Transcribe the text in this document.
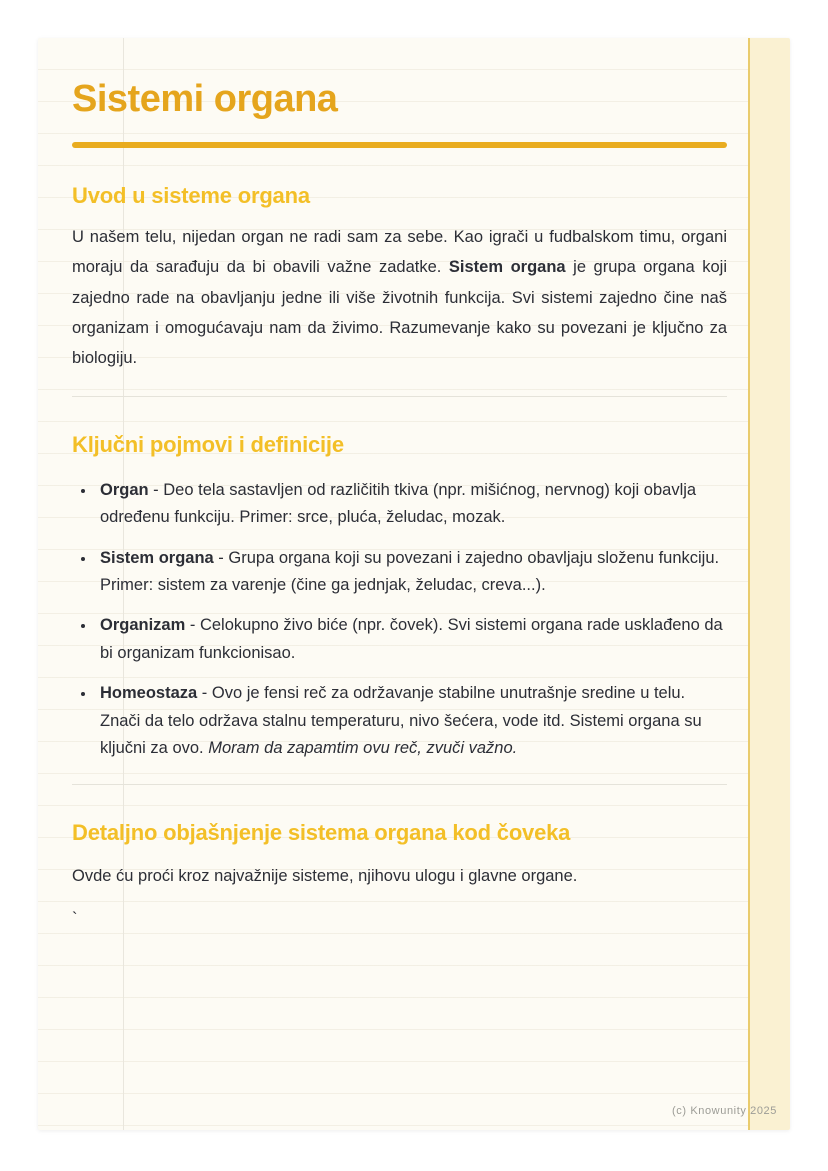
Sistemi organa
Uvod u sisteme organa

U našem telu, nijedan organ ne radi sam za sebe. Kao igrači u fudbalskom timu, organi moraju da sarađuju da bi obavili važne zadatke. Sistem organa je grupa organa koji zajedno rade na obavljanju jedne ili više životnih funkcija. Svi sistemi zajedno čine naš organizam i omogućavaju nam da živimo. Razumevanje kako su povezani je ključno za biologiju.

Ključni pojmovi i definicije
• Organ - Deo tela sastavljen od različitih tkiva (npr. mišićnog, nervnog) koji obavlja određenu funkciju. Primer: srce, pluća, želudac, mozak.
• Sistem organa - Grupa organa koji su povezani i zajedno obavljaju složenu funkciju. Primer: sistem za varenje (čine ga jednjak, želudac, creva...).
• Organizam - Celokupno živo biće (npr. čovek). Svi sistemi organa rade usklađeno da bi organizam funkcionisao.
• Homeostaza - Ovo je fensi reč za održavanje stabilne unutrašnje sredine u telu. Znači da telo održava stalnu temperaturu, nivo šećera, vode itd. Sistemi organa su ključni za ovo. Moram da zapamtim ovu reč, zvuči važno.
Detaljno objašnjenje sistema organa kod čoveka

Ovde ću proći kroz najvažnije sisteme, njihovu ulogu i glavne organe.

`

(c) Knowunity 2025
